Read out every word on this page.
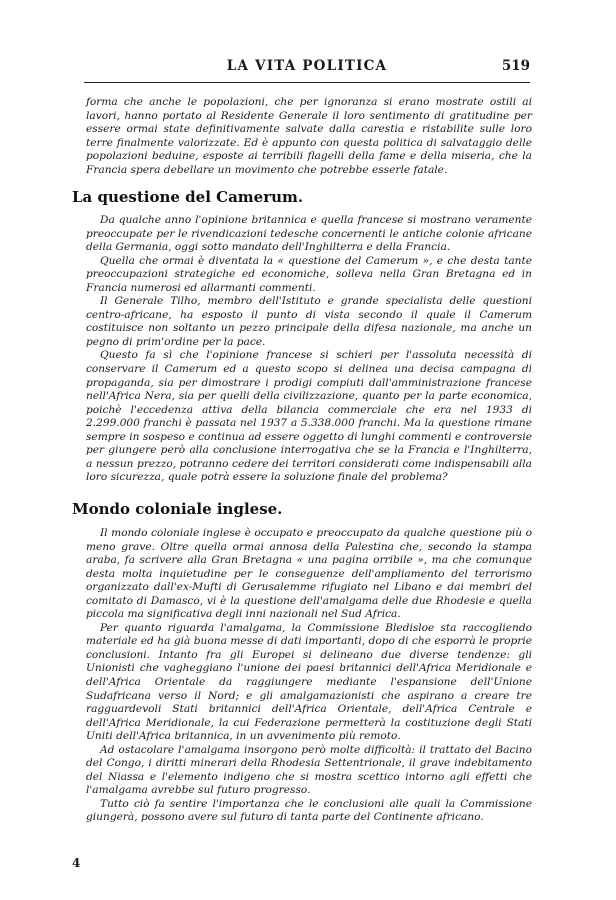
LA VITA POLITICA	519

forma che anche le popolazioni, che per ignoranza si erano mostrate ostili ai lavori, hanno portato al Residente Generale il loro sentimento di gratitudine per essere ormai state definitivamente salvate dalla carestia e ristabilite sulle loro terre finalmente valorizzate. Ed è appunto con questa politica di salvataggio delle popolazioni beduine, esposte ai terribili flagelli della fame e della miseria, che la Francia spera debellare un movimento che potrebbe esserle fatale.

La questione del Camerum.

Da qualche anno l'opinione britannica e quella francese si mostrano veramente preoccupate per le rivendicazioni tedesche concernenti le antiche colonie africane della Germania, oggi sotto mandato dell'Inghilterra e della Francia.

Quella che ormai è diventata la « questione del Camerum », e che desta tante preoccupazioni strategiche ed economiche, solleva nella Gran Bretagna ed in Francia numerosi ed allarmanti commenti.

Il Generale Tilho, membro dell'Istituto e grande specialista delle questioni centro-africane, ha esposto il punto di vista secondo il quale il Camerum costituisce non soltanto un pezzo principale della difesa nazionale, ma anche un pegno di prim'ordine per la pace.

Questo fa sì che l'opinione francese si schieri per l'assoluta necessità di conservare il Camerum ed a questo scopo si delinea una decisa campagna di propaganda, sia per dimostrare i prodigi compiuti dall'amministrazione francese nell'Africa Nera, sia per quelli della civilizzazione, quanto per la parte economica, poichè l'eccedenza attiva della bilancia commerciale che era nel 1933 di 2.299.000 franchi è passata nel 1937 a 5.338.000 franchi. Ma la questione rimane sempre in sospeso e continua ad essere oggetto di lunghi commenti e controversie per giungere però alla conclusione interrogativa che se la Francia e l'Inghilterra, a nessun prezzo, potranno cedere dei territori considerati come indispensabili alla loro sicurezza, quale potrà essere la soluzione finale del problema?

Mondo coloniale inglese.

Il mondo coloniale inglese è occupato e preoccupato da qualche questione più o meno grave. Oltre quella ormai annosa della Palestina che, secondo la stampa araba, fa scrivere alla Gran Bretagna « una pagina orribile », ma che comunque desta molta inquietudine per le conseguenze dell'ampliamento del terrorismo organizzato dall'ex-Mufti di Gerusalemme rifugiato nel Libano e dai membri del comitato di Damasco, vi è la questione dell'amalgama delle due Rhodesie e quella piccola ma significativa degli inni nazionali nel Sud Africa.

Per quanto riguarda l'amalgama, la Commissione Bledisloe sta raccogliendo materiale ed ha già buona messe di dati importanti, dopo di che esporrà le proprie conclusioni. Intanto fra gli Europei si delineano due diverse tendenze: gli Unionisti che vagheggiano l'unione dei paesi britannici dell'Africa Meridionale e dell'Africa Orientale da raggiungere mediante l'espansione dell'Unione Sudafricana verso il Nord; e gli amalgamazionisti che aspirano a creare tre ragguardevoli Stati britannici dell'Africa Orientale, dell'Africa Centrale e dell'Africa Meridionale, la cui Federazione permetterà la costituzione degli Stati Uniti dell'Africa britannica, in un avvenimento più remoto.

Ad ostacolare l'amalgama insorgono però molte difficoltà: il trattato del Bacino del Congo, i diritti minerari della Rhodesia Settentrionale, il grave indebitamento del Niassa e l'elemento indigeno che si mostra scettico intorno agli effetti che l'amalgama avrebbe sul futuro progresso.

Tutto ciò fa sentire l'importanza che le conclusioni alle quali la Commissione giungerà, possono avere sul futuro di tanta parte del Continente africano.

4
